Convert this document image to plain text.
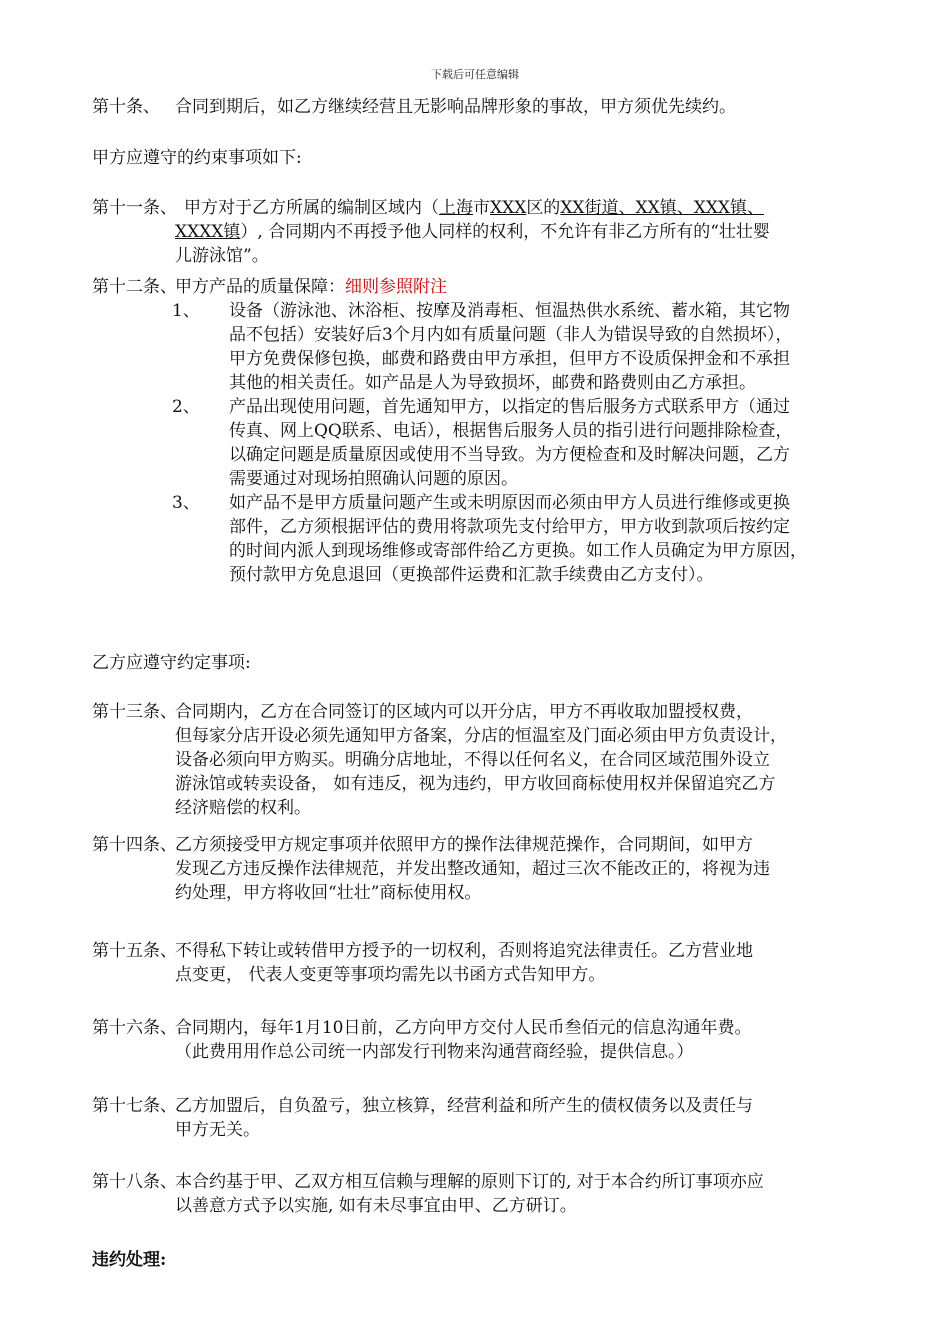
下载后可任意编辑
第十条、 合同到期后，如乙方继续经营且无影响品牌形象的事故，甲方须优先续约。
甲方应遵守的约束事项如下:
第十一条、 甲方对于乙方所属的编制区域内（上海市XXX区的XX街道、XX镇、XXX镇、
XXXX镇）, 合同期内不再授予他人同样的权利，不允许有非乙方所有的“壮壮婴
儿游泳馆”。
第十二条、
甲方产品的质量保障：细则参照附注
1、 设备（游泳池、沐浴柜、按摩及消毒柜、恒温热供水系统、蓄水箱，其它物
品不包括）安装好后3个月内如有质量问题（非人为错误导致的自然损坏），
甲方免费保修包换，邮费和路费由甲方承担，但甲方不设质保押金和不承担
其他的相关责任。如产品是人为导致损坏，邮费和路费则由乙方承担。
2、 产品出现使用问题，首先通知甲方，以指定的售后服务方式联系甲方（通过
传真、网上QQ联系、电话），根据售后服务人员的指引进行问题排除检查，
以确定问题是质量原因或使用不当导致。为方便检查和及时解决问题，乙方
需要通过对现场拍照确认问题的原因。
3、 如产品不是甲方质量问题产生或未明原因而必须由甲方人员进行维修或更换
部件，乙方须根据评估的费用将款项先支付给甲方，甲方收到款项后按约定
的时间内派人到现场维修或寄部件给乙方更换。如工作人员确定为甲方原因，
预付款甲方免息退回（更换部件运费和汇款手续费由乙方支付）。
乙方应遵守约定事项:
第十三条、
合同期内，乙方在合同签订的区域内可以开分店，甲方不再收取加盟授权费，
但每家分店开设必须先通知甲方备案，分店的恒温室及门面必须由甲方负责设计，
设备必须向甲方购买。明确分店地址，不得以任何名义，在合同区域范围外设立
游泳馆或转卖设备， 如有违反，视为违约，甲方收回商标使用权并保留追究乙方
经济赔偿的权利。
第十四条、
乙方须接受甲方规定事项并依照甲方的操作法律规范操作，合同期间，如甲方
发现乙方违反操作法律规范，并发出整改通知，超过三次不能改正的，将视为违
约处理，甲方将收回“壮壮”商标使用权。
第十五条、
不得私下转让或转借甲方授予的一切权利，否则将追究法律责任。乙方营业地
点变更， 代表人变更等事项均需先以书函方式告知甲方。
第十六条、
合同期内，每年1月10日前，乙方向甲方交付人民币叁佰元的信息沟通年费。
（此费用用作总公司统一内部发行刊物来沟通营商经验，提供信息。）
第十七条、
乙方加盟后，自负盈亏，独立核算，经营利益和所产生的债权债务以及责任与
甲方无关。
第十八条、
本合约基于甲、乙双方相互信赖与理解的原则下订的, 对于本合约所订事项亦应
以善意方式予以实施, 如有未尽事宜由甲、乙方研订。
违约处理:
